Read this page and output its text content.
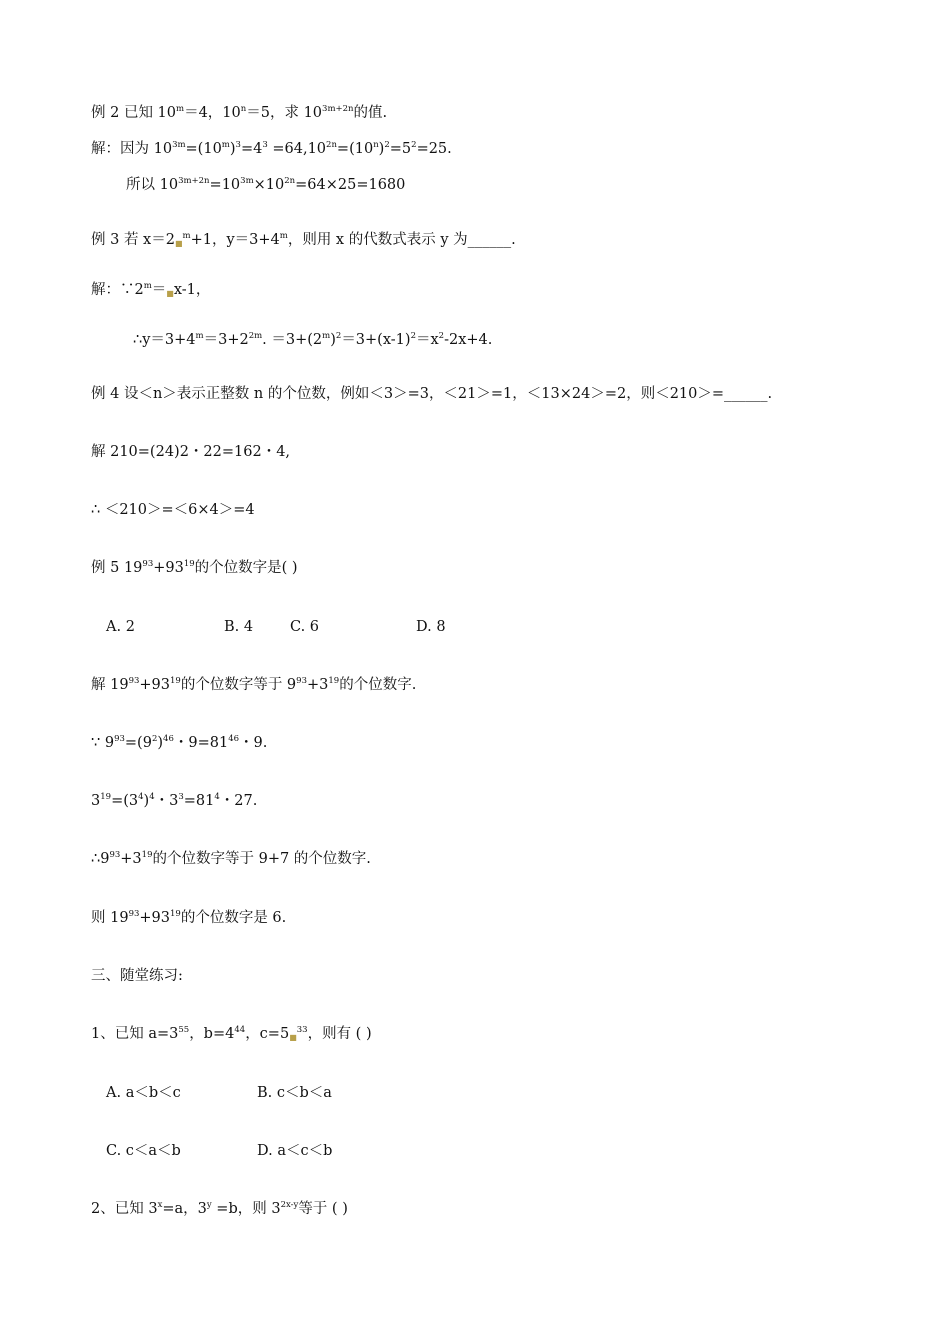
例 2 已知 $10^m=4$，$10^n=5$，求 $10^{3m+2n}$的值.
解：因为 $10^{3m}=(10^m)^3=4^3 =64,10^{2n}=(10^n)^2=5^2=25$.
所以 $10^{3m+2n}=10^{3m}\times 10^{2n}=64\times 25=1680$
例 3 若 x＝2■$^m$+1，$y=3+4^m$，则用 x 的代数式表示 y 为______.
解：$\because 2^m=■x-1$，
$\therefore y=3+4^m=3+2^{2m}$. $=3+(2^m)^2=3+(x-1)^2=x^2-2x+4$.
例 4 设＜n＞表示正整数 n 的个位数，例如＜3＞=3，＜21＞=1，＜13×24＞=2，则＜210＞=______.
解 210=(24)2・22=162・4,
∴ ＜210＞=＜6×4＞=4
例 5 $19^{93}+93^{19}$的个位数字是( )
A. 2	B. 4	C. 6	D. 8
解 $19^{93}+93^{19}$的个位数字等于 $9^{93}+3^{19}$的个位数字.
∵ $9^{93}=(9^2)^{46}$・$9=81^{46}$・9.
$3^{19}=(3^4)^4$・$3^3=81^4$・27.
$\therefore 9^{93}+3^{19}$的个位数字等于 9+7 的个位数字.
则 $19^{93}+93^{19}$的个位数字是 6.
三、随堂练习:
1、已知 $a=3^{55}$，$b=4^{44}$，c=5■$^{33}$，则有 ( )
A. a＜b＜c	B. c＜b＜a
C. c＜a＜b	D. a＜c＜b
2、已知 $3^x=a$，$3^y =b$，则 $3^{2x-y}$等于 ( )
